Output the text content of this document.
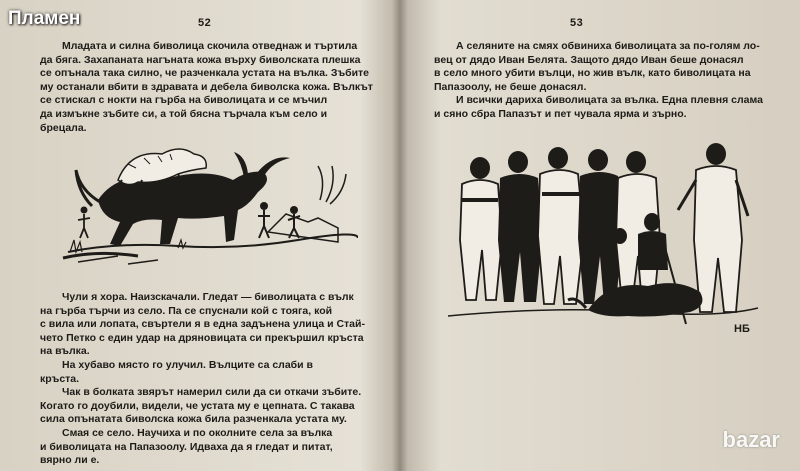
52
Младата и силна биволица скочила отведнаж и търтила
да бяга. Захапаната нагъната кожа върху биволската плешка
се опънала така силно, че разченкала устата на вълка. Зъбите
му останали вбити в здравата и дебела биволска кожа. Вълкът
се стискал с нокти на гърба на биволицата и се мъчил
да измъкне зъбите си, а той бясна търчала към село и
брецала.
Чули я хора. Наизскачали. Гледат — биволицата с вълк
на гърба търчи из село. Па се спуснали кой с тояга, кой
с вила или лопата, свъртели я в една задънена улица и Стай-
чето Петко с един удар на дряновицата си прекършил кръста
на вълка.
На хубаво място го улучил. Вълците са слаби в
кръста.
Чак в болката звярът намерил сили да си откачи зъбите.
Когато го доубили, видели, че устата му е цепната. С такава
сила опънатата биволска кожа била разченкала устата му.
Смая се село. Научиха и по околните села за вълка
и биволицата на Папазоолу. Идваха да я гледат и питат,
вярно ли е.
53
А селяните на смях обвиниха биволицата за по-голям ло-
вец от дядо Иван Белята. Защото дядо Иван беше донасял
в село много убити вълци, но жив вълк, като биволицата на
Папазоолу, не беше донасял.
И всички дариха биволицата за вълка. Една плевня слама
и сяно сбра Папазът и пет чувала ярма и зърно.
НБ
Пламен
bazar
